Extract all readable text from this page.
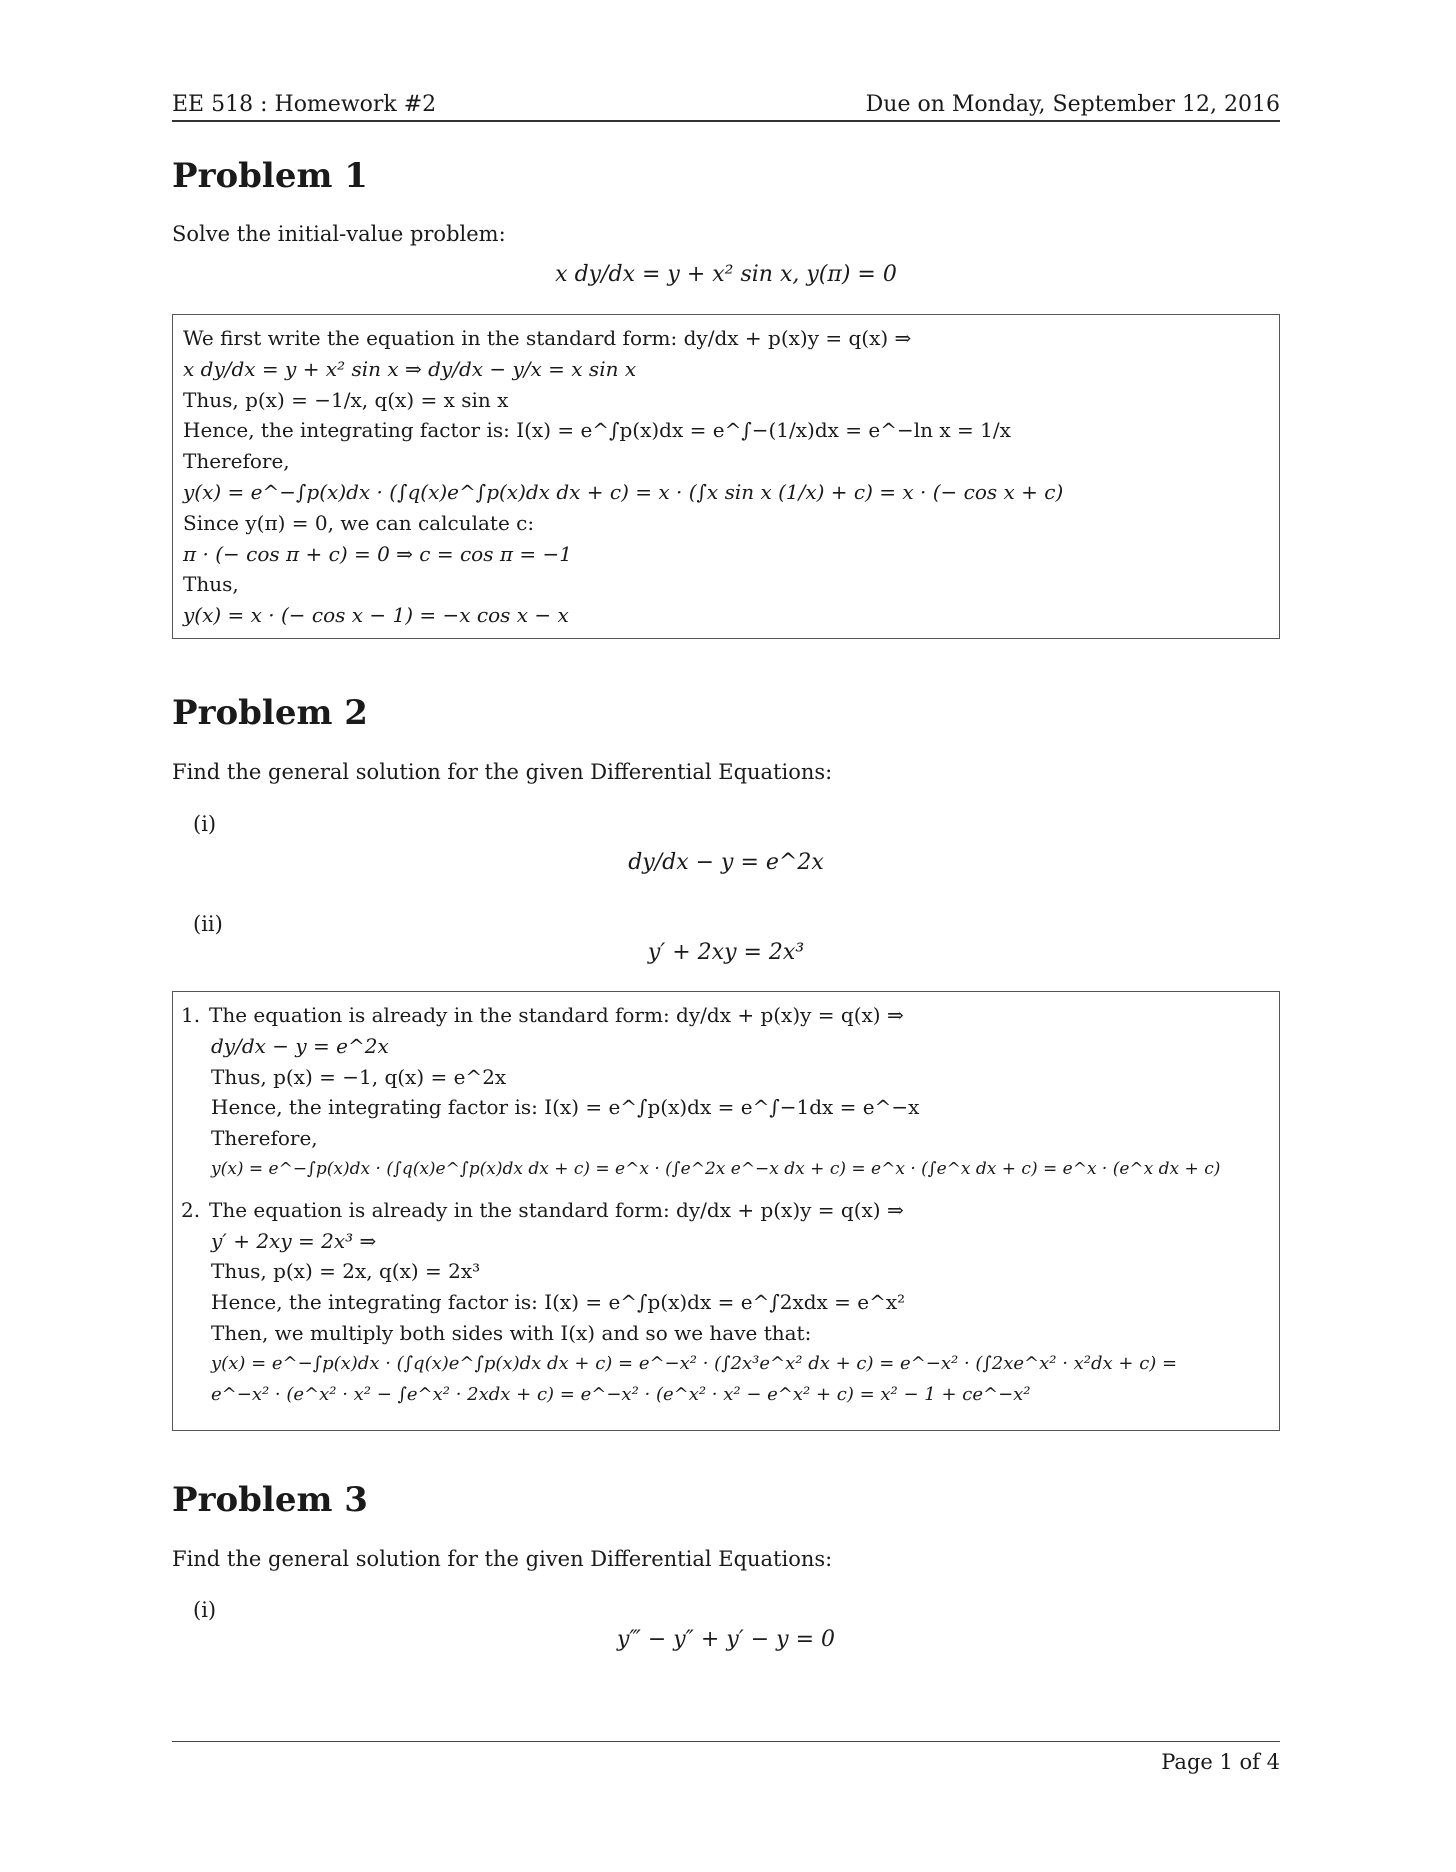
EE 518 : Homework #2	Due on Monday, September 12, 2016
Problem 1
Solve the initial-value problem:
x dy/dx = y + x² sin x, y(π) = 0
We first write the equation in the standard form: dy/dx + p(x)y = q(x) ⇒
x dy/dx = y + x² sin x ⇒ dy/dx − y/x = x sin x
Thus, p(x) = −1/x, q(x) = x sin x
Hence, the integrating factor is: I(x) = e^∫p(x)dx = e^∫−(1/x)dx = e^−ln x = 1/x
Therefore,
y(x) = e^−∫p(x)dx · (∫q(x)e^∫p(x)dx dx + c) = x · (∫x sin x (1/x) + c) = x · (− cos x + c)
Since y(π) = 0, we can calculate c:
π · (− cos π + c) = 0 ⇒ c = cos π = −1
Thus,
y(x) = x · (− cos x − 1) = −x cos x − x
Problem 2
Find the general solution for the given Differential Equations:
(i)
dy/dx − y = e^2x
(ii)
y′ + 2xy = 2x³
1. The equation is already in the standard form: dy/dx + p(x)y = q(x) ⇒
dy/dx − y = e^2x
Thus, p(x) = −1, q(x) = e^2x
Hence, the integrating factor is: I(x) = e^∫p(x)dx = e^∫−1dx = e^−x
Therefore,
y(x) = e^−∫p(x)dx · (∫q(x)e^∫p(x)dx dx + c) = e^x · (∫e^2x e^−x dx + c) = e^x · (∫e^x dx + c) = e^x · (e^x dx + c)
2. The equation is already in the standard form: dy/dx + p(x)y = q(x) ⇒
y′ + 2xy = 2x³ ⇒
Thus, p(x) = 2x, q(x) = 2x³
Hence, the integrating factor is: I(x) = e^∫p(x)dx = e^∫2xdx = e^x²
Then, we multiply both sides with I(x) and so we have that:
y(x) = e^−∫p(x)dx · (∫q(x)e^∫p(x)dx dx + c) = e^−x² · (∫2x³e^x² dx + c) = e^−x² · (∫2xe^x² · x²dx + c) =
e^−x² · (e^x² · x² − ∫e^x² · 2xdx + c) = e^−x² · (e^x² · x² − e^x² + c) = x² − 1 + ce^−x²
Problem 3
Find the general solution for the given Differential Equations:
(i)
y‴ − y″ + y′ − y = 0
Page 1 of 4
